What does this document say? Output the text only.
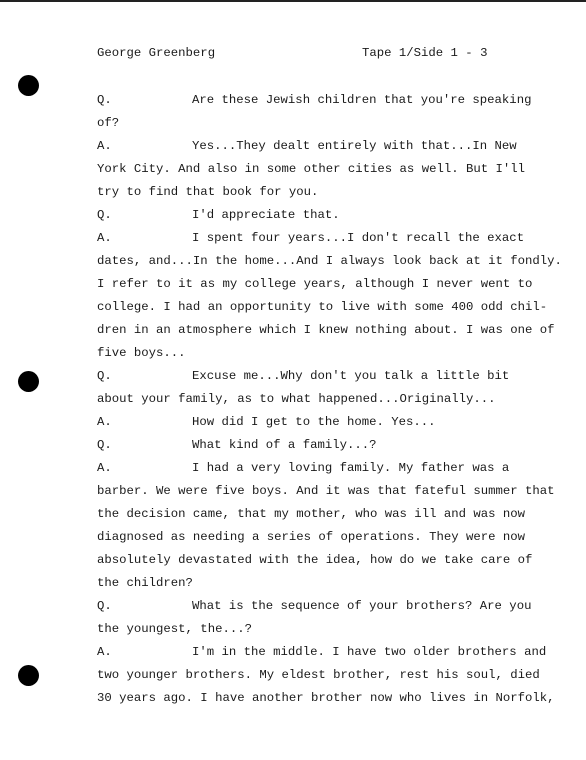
George Greenberg	Tape 1/Side 1 - 3
Q.	Are these Jewish children that you're speaking
of?
A.	Yes...They dealt entirely with that...In New
York City. And also in some other cities as well. But I'll
try to find that book for you.
Q.	I'd appreciate that.
A.	I spent four years...I don't recall the exact
dates, and...In the home...And I always look back at it fondly.
I refer to it as my college years, although I never went to
college. I had an opportunity to live with some 400 odd chil-
dren in an atmosphere which I knew nothing about. I was one of
five boys...
Q.	Excuse me...Why don't you talk a little bit
about your family, as to what happened...Originally...
A.	How did I get to the home. Yes...
Q.	What kind of a family...?
A.	I had a very loving family. My father was a
barber. We were five boys. And it was that fateful summer that
the decision came, that my mother, who was ill and was now
diagnosed as needing a series of operations. They were now
absolutely devastated with the idea, how do we take care of
the children?
Q.	What is the sequence of your brothers? Are you
the youngest, the...?
A.	I'm in the middle. I have two older brothers and
two younger brothers. My eldest brother, rest his soul, died
30 years ago. I have another brother now who lives in Norfolk,
